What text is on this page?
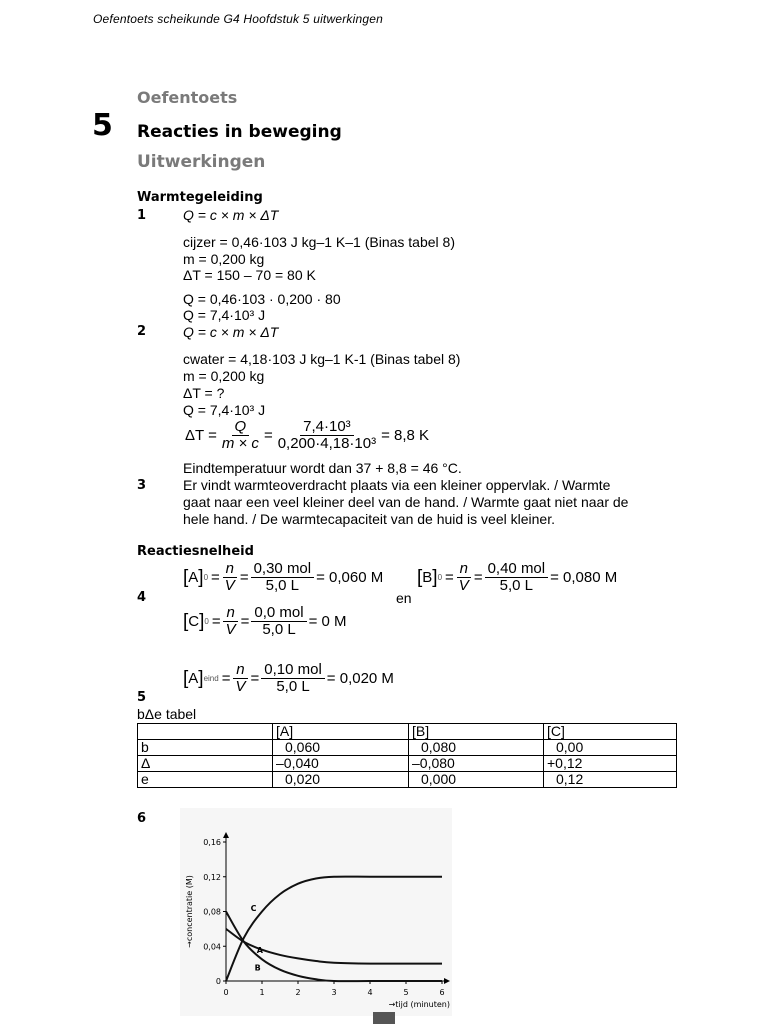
Oefentoets scheikunde G4 Hoofdstuk 5 uitwerkingen
Oefentoets
5 Reacties in beweging
Uitwerkingen
Warmtegeleiding
1	Q = c × m × ΔT
cijzer = 0,46·103 J kg–1 K–1 (Binas tabel 8)
m = 0,200 kg
ΔT = 150 – 70 = 80 K
Q = 0,46·103 · 0,200 · 80
Q = 7,4·10³ J
2	Q = c × m × ΔT
cwater = 4,18·103 J kg–1 K-1 (Binas tabel 8)
m = 0,200 kg
ΔT = ?
Q = 7,4·10³ J
$\Delta T = \frac{Q}{m \times c} = \frac{\text{7,4·10³}}{\text{0,200·4,18·10³}} = 8,8$ K
Eindtemperatuur wordt dan 37 + 8,8 = 46 °C.
3	Er vindt warmteoverdracht plaats via een kleiner oppervlak. / Warmte
gaat naar een veel kleiner deel van de hand. / Warmte gaat niet naar de
hele hand. / De warmtecapaciteit van de huid is veel kleiner.
Reactiesnelheid
[ A ] $0 = \frac{n}{V}$ =
0,30 mol
5,0 L = 0,060 M
en
[ B ] $0 = \frac{n}{V}$ =
0,40 mol
5,0 L = 0,080 M
4
[ C ] $0 = \frac{n}{V}$ =
0,0 mol
5,0 L = 0 M
[ A ] eind = $\frac{n}{V}$ =
0,10 mol
5,0 L = 0,020 M
5
bΔe tabel
	[A]	[B]	[C]
b	0,060	0,080	0,00
Δ	–0,040	–0,080	+0,12
e	0,020	0,000	0,12
6
0	1	2	3	4	5	6
0
0,04
0,08
0,12
0,16
→tijd (minuten)
→concentratie (M)
A
B
C
